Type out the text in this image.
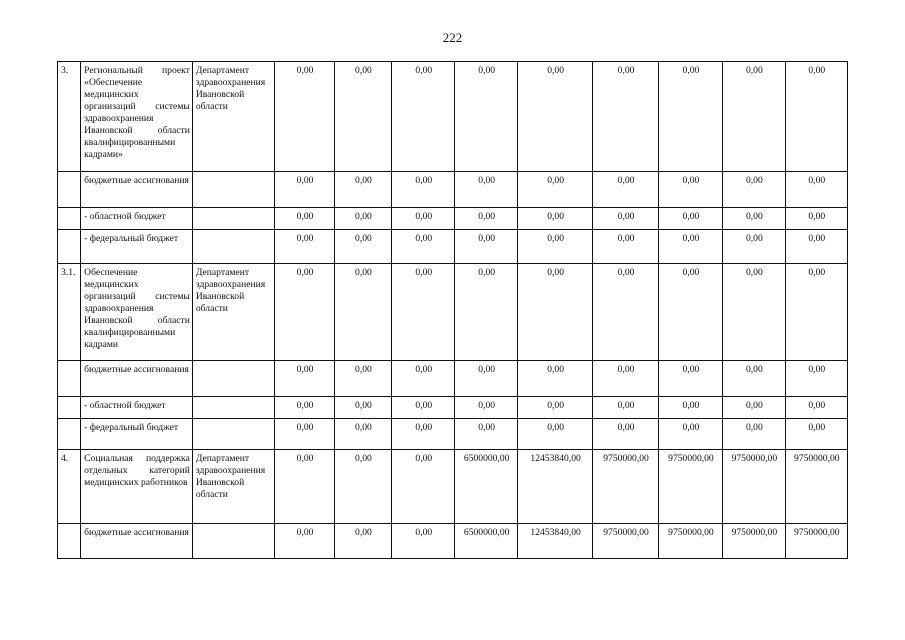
222
3.	Региональный проект «Обеспечение медицинских организаций системы здравоохранения Ивановской области квалифицированными кадрами»	Департамент здравоохранения Ивановской области	0,00	0,00	0,00	0,00	0,00	0,00	0,00	0,00	0,00
	бюджетные ассигнования		0,00	0,00	0,00	0,00	0,00	0,00	0,00	0,00	0,00
	- областной бюджет		0,00	0,00	0,00	0,00	0,00	0,00	0,00	0,00	0,00
	- федеральный бюджет		0,00	0,00	0,00	0,00	0,00	0,00	0,00	0,00	0,00
3.1.	Обеспечение медицинских организаций системы здравоохранения Ивановской области квалифицированными кадрами	Департамент здравоохранения Ивановской области	0,00	0,00	0,00	0,00	0,00	0,00	0,00	0,00	0,00
	бюджетные ассигнования		0,00	0,00	0,00	0,00	0,00	0,00	0,00	0,00	0,00
	- областной бюджет		0,00	0,00	0,00	0,00	0,00	0,00	0,00	0,00	0,00
	- федеральный бюджет		0,00	0,00	0,00	0,00	0,00	0,00	0,00	0,00	0,00
4.	Социальная поддержка отдельных категорий медицинских работников	Департамент здравоохранения Ивановской области	0,00	0,00	0,00	6500000,00	12453840,00	9750000,00	9750000,00	9750000,00	9750000,00
	бюджетные ассигнования		0,00	0,00	0,00	6500000,00	12453840,00	9750000,00	9750000,00	9750000,00	9750000,00
